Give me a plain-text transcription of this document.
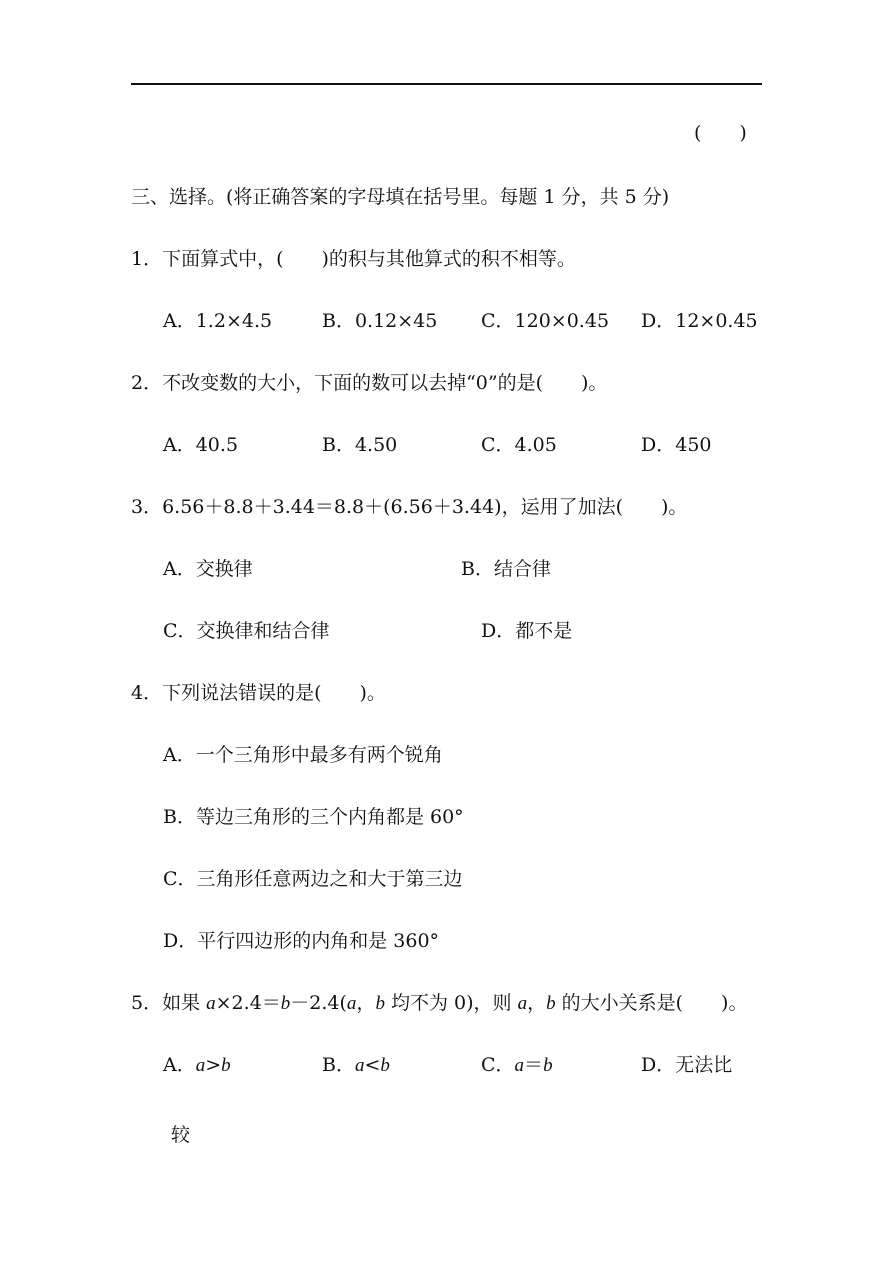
(　　)
三、选择。(将正确答案的字母填在括号里。每题 1 分，共 5 分)
1．下面算式中，(　　)的积与其他算式的积不相等。
A．1.2×4.5	B．0.12×45 C．120×0.45 D．12×0.45
2．不改变数的大小，下面的数可以去掉“0”的是(　　)。
A．40.5	B．4.50	C．4.05	D．450
3．6.56＋8.8＋3.44＝8.8＋(6.56＋3.44)，运用了加法(　　)。
A．交换律	B．结合律
C．交换律和结合律	D．都不是
4．下列说法错误的是(　　)。
A．一个三角形中最多有两个锐角
B．等边三角形的三个内角都是 60°
C．三角形任意两边之和大于第三边
D．平行四边形的内角和是 360°
5．如果 a×2.4＝b－2.4(a，b 均不为 0)，则 a，b 的大小关系是(　　)。
A．a>b	B．a<b	C．a＝b	D．无法比
较
